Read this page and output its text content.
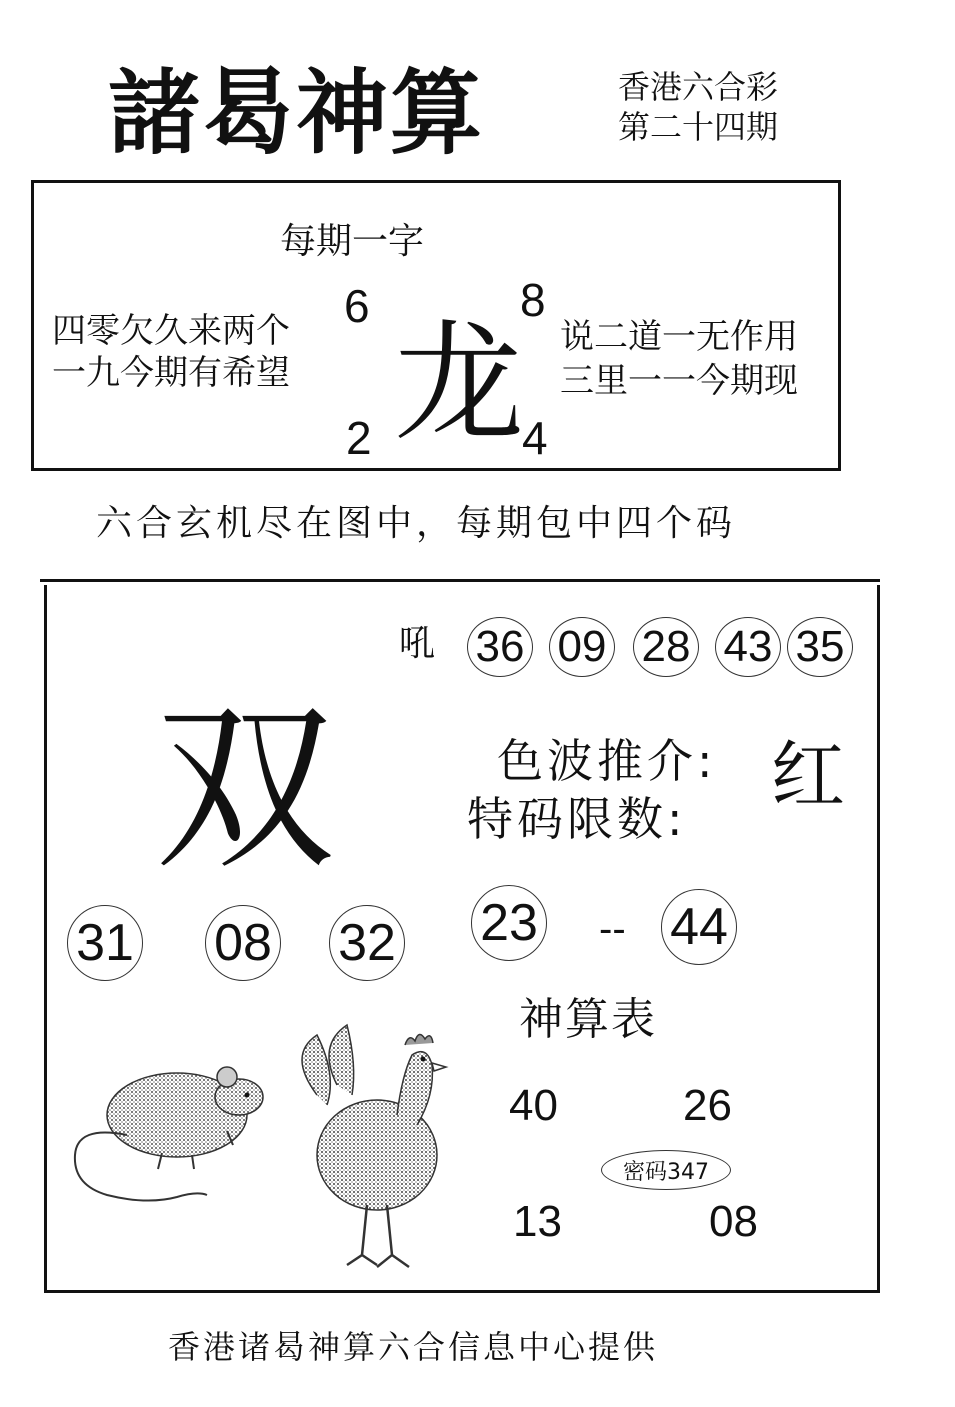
諸曷神算	香港六合彩
第二十四期
每期一字
四零欠久来两个
一九今期有希望
说二道一无作用
三里一一今期现
龙
6	8
2	4
六合玄机尽在图中，每期包中四个码
双
吼 36 09 28 43 35
色波推介: 红
特码限数:
31 08 32 23 -- 44
神算表
40	26
13	08
密码347
香港诸曷神算六合信息中心提供
